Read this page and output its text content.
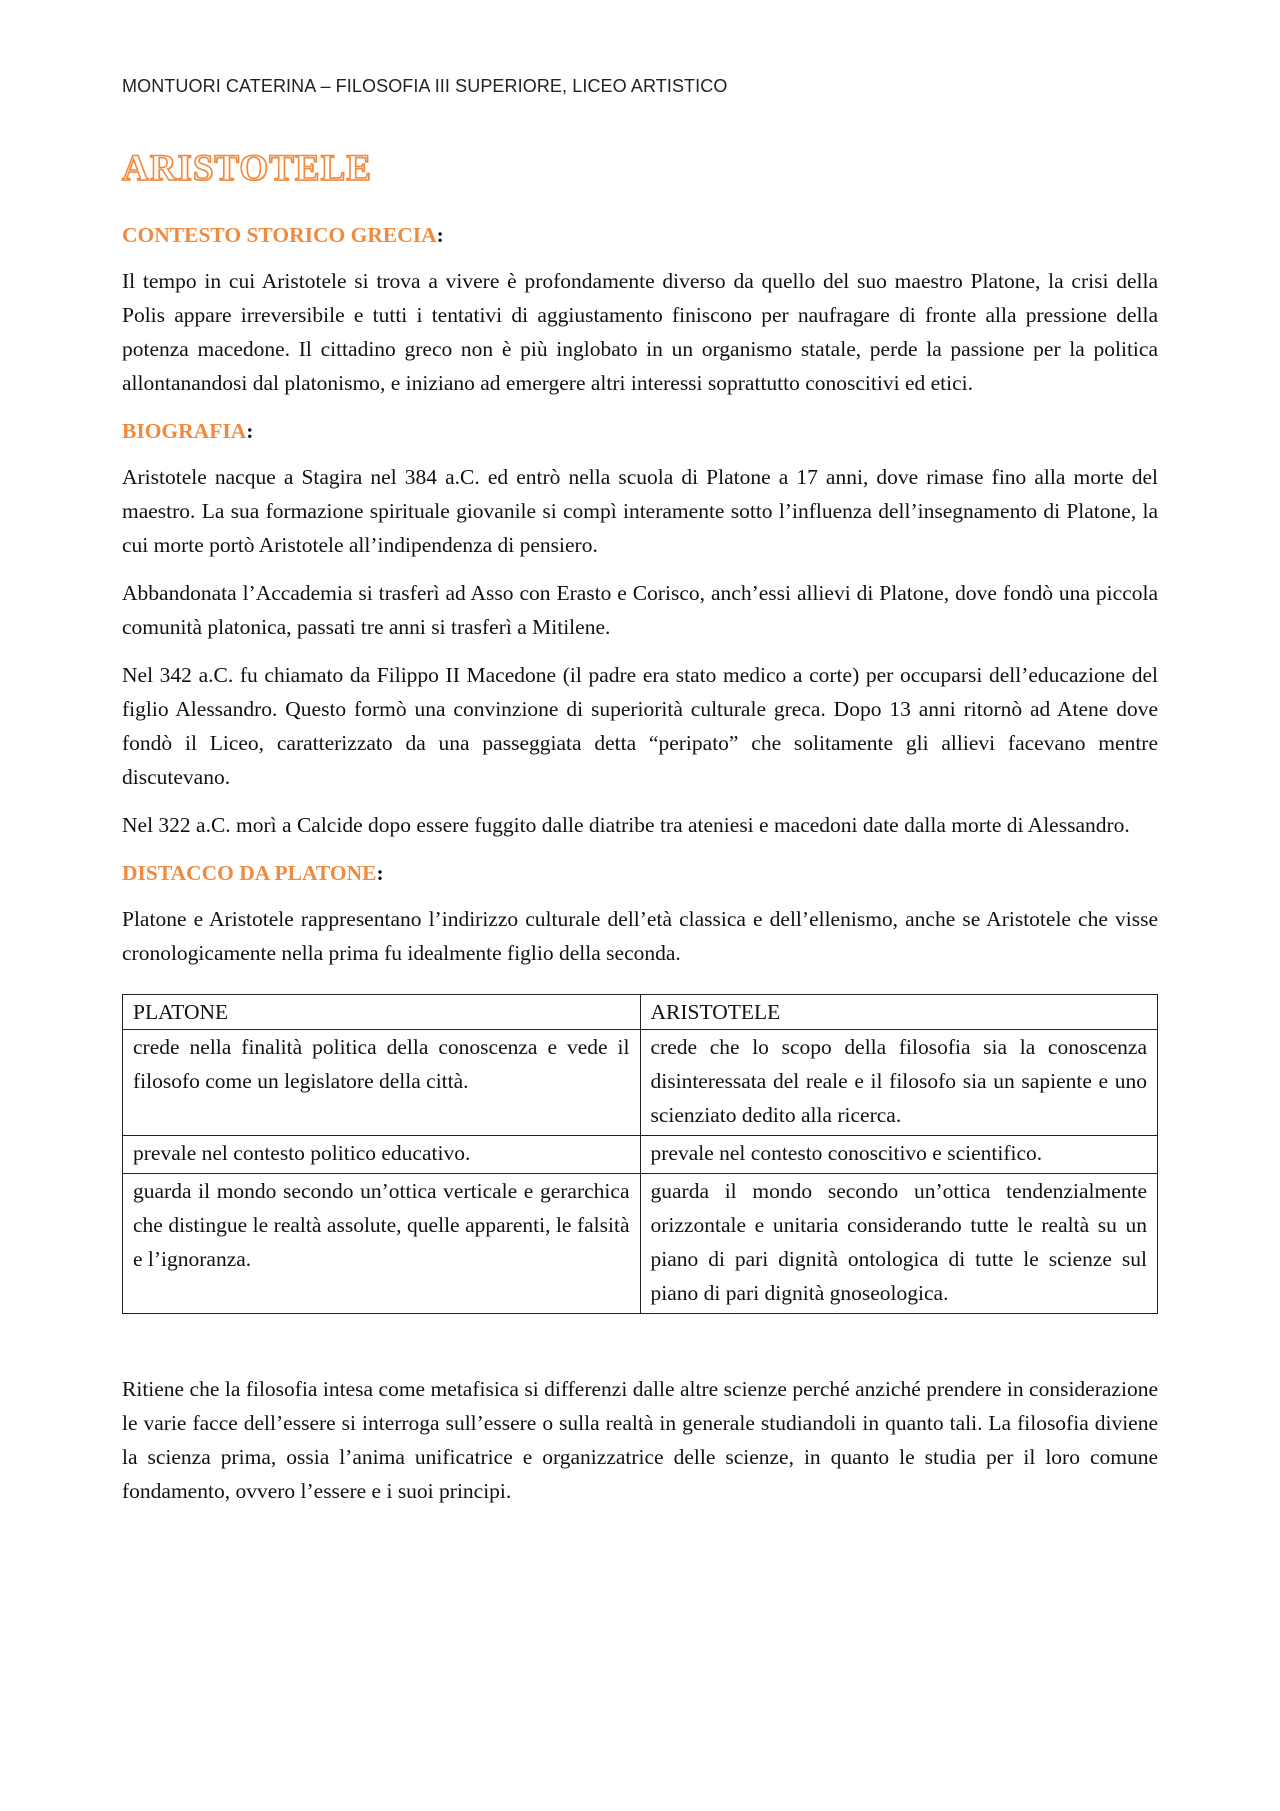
MONTUORI CATERINA – FILOSOFIA III SUPERIORE, LICEO ARTISTICO
ARISTOTELE
CONTESTO STORICO GRECIA:

Il tempo in cui Aristotele si trova a vivere è profondamente diverso da quello del suo maestro Platone, la crisi della Polis appare irreversibile e tutti i tentativi di aggiustamento finiscono per naufragare di fronte alla pressione della potenza macedone. Il cittadino greco non è più inglobato in un organismo statale, perde la passione per la politica allontanandosi dal platonismo, e iniziano ad emergere altri interessi soprattutto conoscitivi ed etici.

BIOGRAFIA:

Aristotele nacque a Stagira nel 384 a.C. ed entrò nella scuola di Platone a 17 anni, dove rimase fino alla morte del maestro. La sua formazione spirituale giovanile si compì interamente sotto l’influenza dell’insegnamento di Platone, la cui morte portò Aristotele all’indipendenza di pensiero.

Abbandonata l’Accademia si trasferì ad Asso con Erasto e Corisco, anch’essi allievi di Platone, dove fondò una piccola comunità platonica, passati tre anni si trasferì a Mitilene.

Nel 342 a.C. fu chiamato da Filippo II Macedone (il padre era stato medico a corte) per occuparsi dell’educazione del figlio Alessandro. Questo formò una convinzione di superiorità culturale greca. Dopo 13 anni ritornò ad Atene dove fondò il Liceo, caratterizzato da una passeggiata detta “peripato” che solitamente gli allievi facevano mentre discutevano.

Nel 322 a.C. morì a Calcide dopo essere fuggito dalle diatribe tra ateniesi e macedoni date dalla morte di Alessandro.

DISTACCO DA PLATONE:

Platone e Aristotele rappresentano l’indirizzo culturale dell’età classica e dell’ellenismo, anche se Aristotele che visse cronologicamente nella prima fu idealmente figlio della seconda.

PLATONE	ARISTOTELE
crede nella finalità politica della conoscenza e vede il filosofo come un legislatore della città.	crede che lo scopo della filosofia sia la conoscenza disinteressata del reale e il filosofo sia un sapiente e uno scienziato dedito alla ricerca.
prevale nel contesto politico educativo.	prevale nel contesto conoscitivo e scientifico.
guarda il mondo secondo un’ottica verticale e gerarchica che distingue le realtà assolute, quelle apparenti, le falsità e l’ignoranza.	guarda il mondo secondo un’ottica tendenzialmente orizzontale e unitaria considerando tutte le realtà su un piano di pari dignità ontologica di tutte le scienze sul piano di pari dignità gnoseologica.

Ritiene che la filosofia intesa come metafisica si differenzi dalle altre scienze perché anziché prendere in considerazione le varie facce dell’essere si interroga sull’essere o sulla realtà in generale studiandoli in quanto tali. La filosofia diviene la scienza prima, ossia l’anima unificatrice e organizzatrice delle scienze, in quanto le studia per il loro comune fondamento, ovvero l’essere e i suoi principi.
